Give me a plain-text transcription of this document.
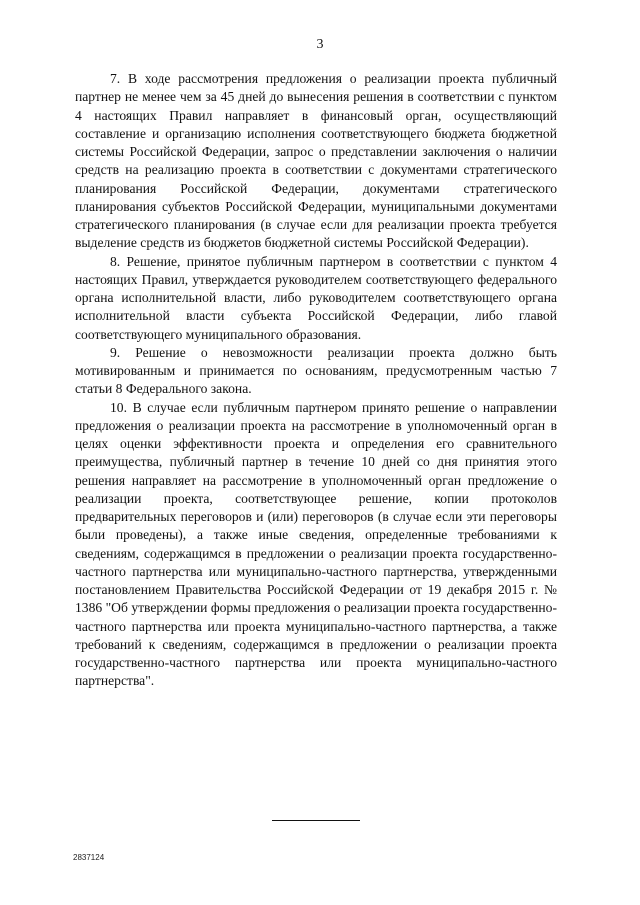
3

7. В ходе рассмотрения предложения о реализации проекта публичный партнер не менее чем за 45 дней до вынесения решения в соответствии с пунктом 4 настоящих Правил направляет в финансовый орган, осуществляющий составление и организацию исполнения соответствующего бюджета бюджетной системы Российской Федерации, запрос о представлении заключения о наличии средств на реализацию проекта в соответствии с документами стратегического планирования Российской Федерации, документами стратегического планирования субъектов Российской Федерации, муниципальными документами стратегического планирования (в случае если для реализации проекта требуется выделение средств из бюджетов бюджетной системы Российской Федерации).

8. Решение, принятое публичным партнером в соответствии с пунктом 4 настоящих Правил, утверждается руководителем соответствующего федерального органа исполнительной власти, либо руководителем соответствующего органа исполнительной власти субъекта Российской Федерации, либо главой соответствующего муниципального образования.

9. Решение о невозможности реализации проекта должно быть мотивированным и принимается по основаниям, предусмотренным частью 7 статьи 8 Федерального закона.

10. В случае если публичным партнером принято решение о направлении предложения о реализации проекта на рассмотрение в уполномоченный орган в целях оценки эффективности проекта и определения его сравнительного преимущества, публичный партнер в течение 10 дней со дня принятия этого решения направляет на рассмотрение в уполномоченный орган предложение о реализации проекта, соответствующее решение, копии протоколов предварительных переговоров и (или) переговоров (в случае если эти переговоры были проведены), а также иные сведения, определенные требованиями к сведениям, содержащимся в предложении о реализации проекта государственно-частного партнерства или муниципально-частного партнерства, утвержденными постановлением Правительства Российской Федерации от 19 декабря 2015 г. № 1386 "Об утверждении формы предложения о реализации проекта государственно-частного партнерства или проекта муниципально-частного партнерства, а также требований к сведениям, содержащимся в предложении о реализации проекта государственно-частного партнерства или проекта муниципально-частного партнерства".

2837124
